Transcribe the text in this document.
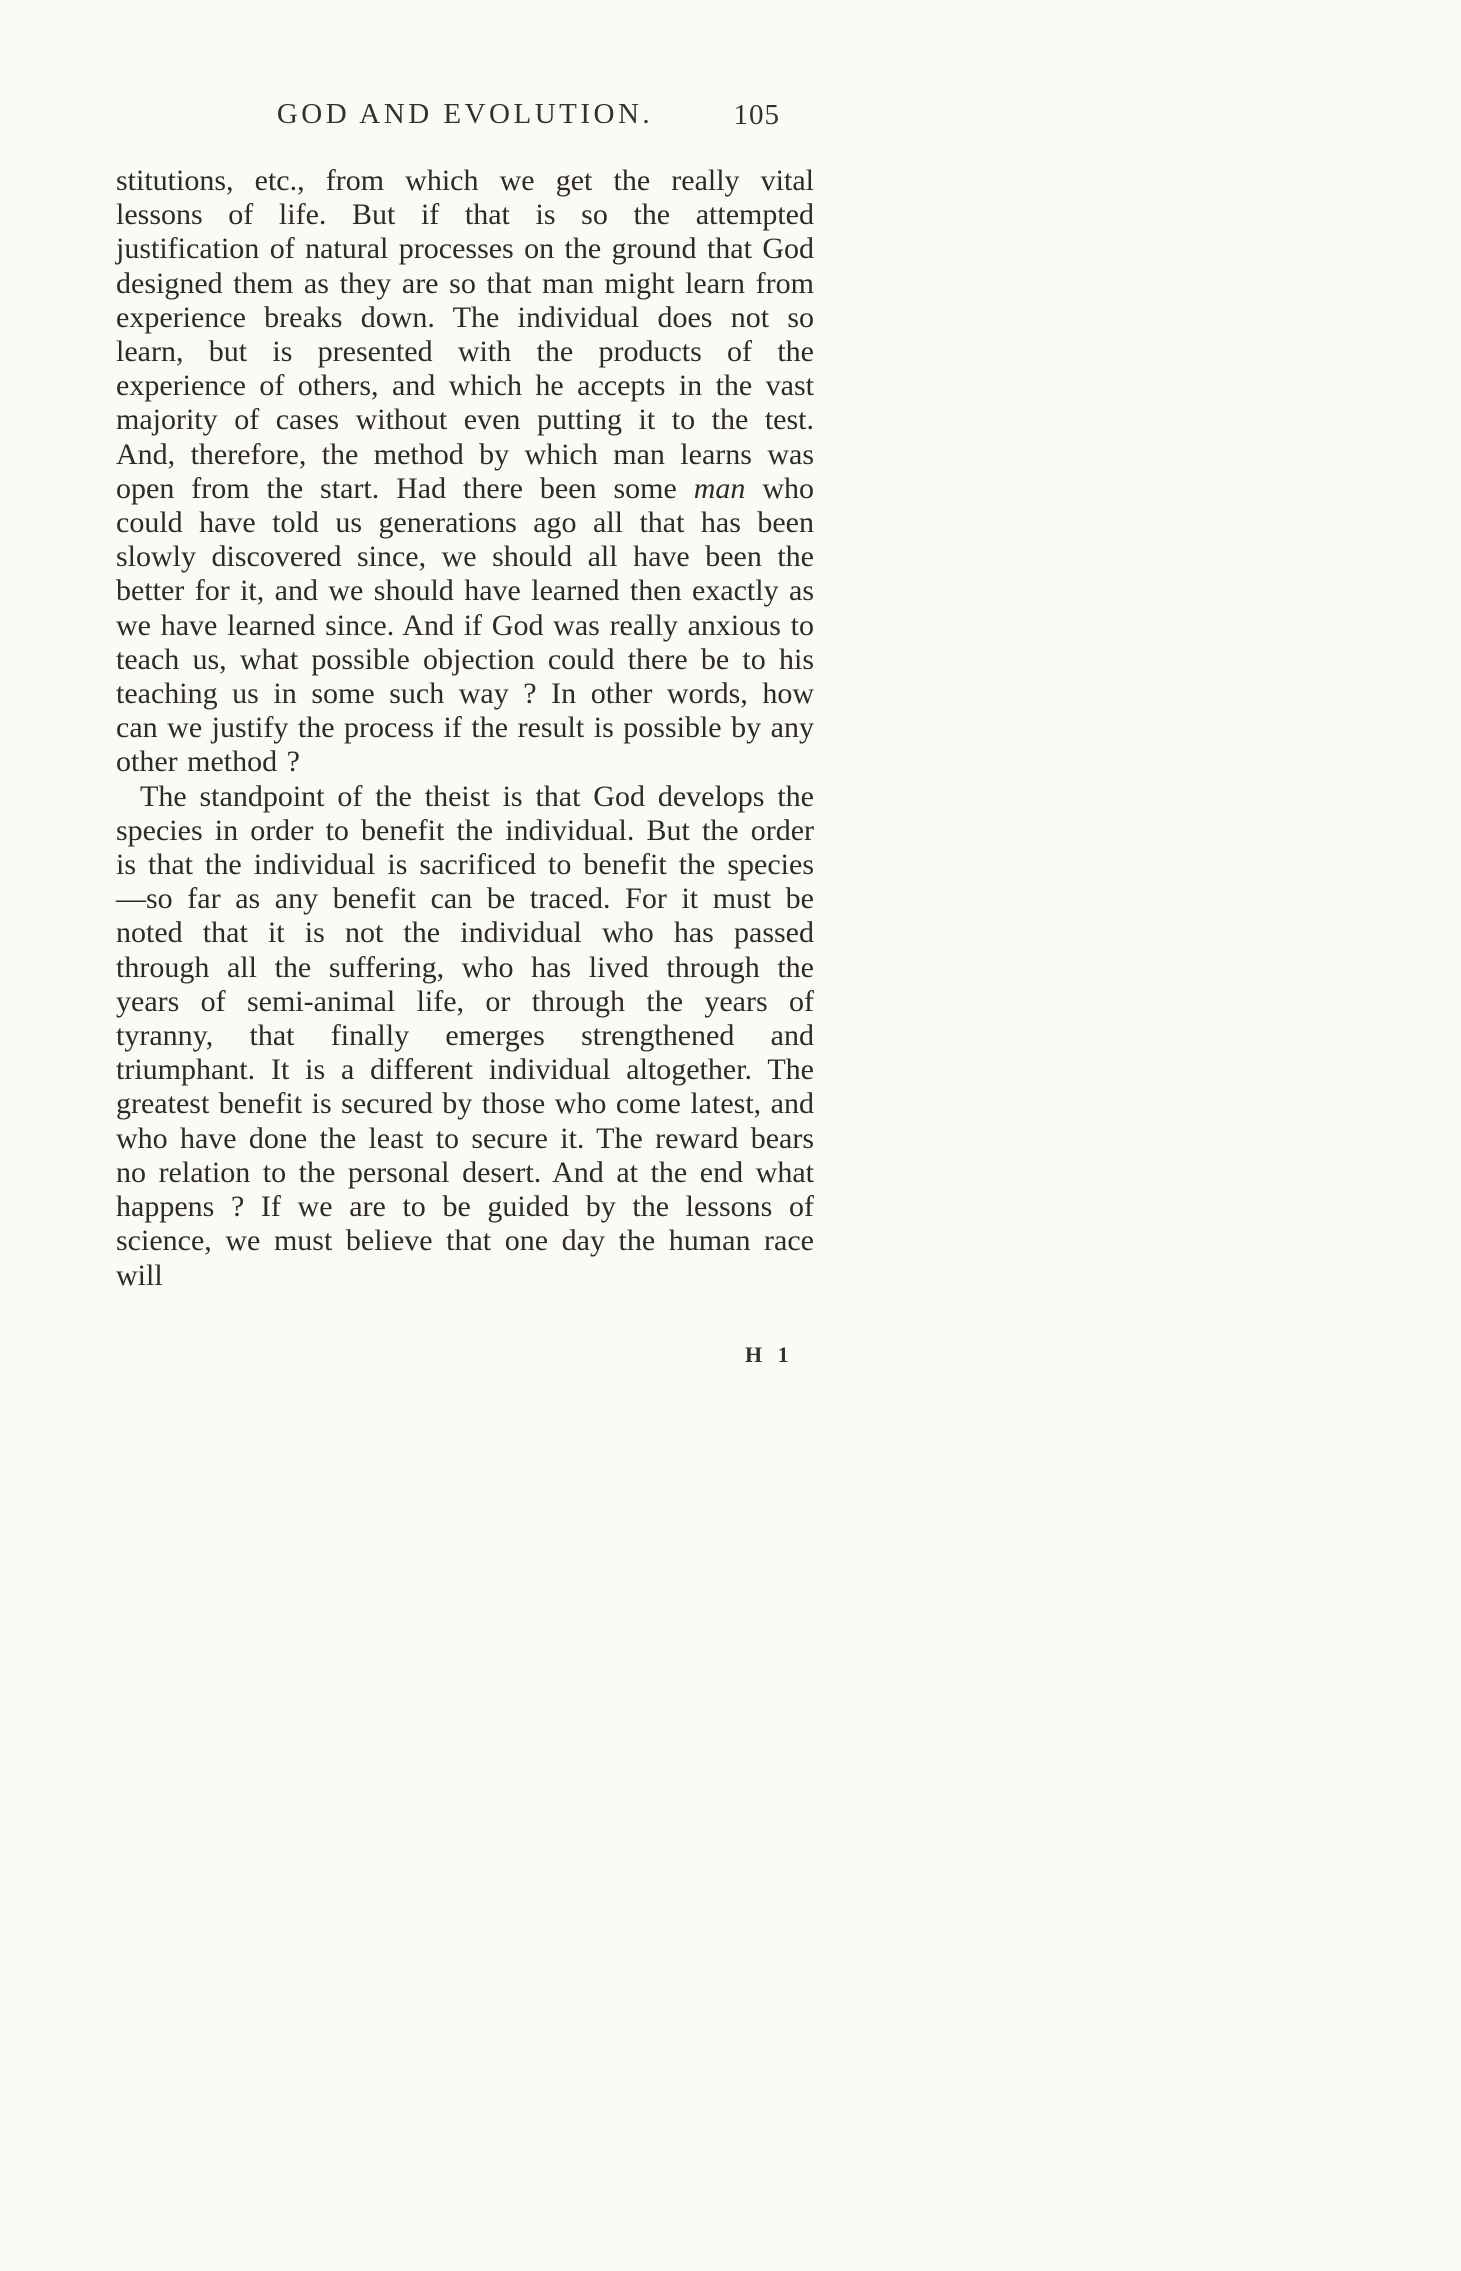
GOD AND EVOLUTION.	105

stitutions, etc., from which we get the really vital lessons of life. But if that is so the attempted justification of natural processes on the ground that God designed them as they are so that man might learn from experience breaks down. The individual does not so learn, but is presented with the products of the experience of others, and which he accepts in the vast majority of cases without even putting it to the test. And, therefore, the method by which man learns was open from the start. Had there been some man who could have told us generations ago all that has been slowly discovered since, we should all have been the better for it, and we should have learned then exactly as we have learned since. And if God was really anxious to teach us, what possible objection could there be to his teaching us in some such way ? In other words, how can we justify the process if the result is possible by any other method ?

The standpoint of the theist is that God develops the species in order to benefit the individual. But the order is that the individual is sacrificed to benefit the species—so far as any benefit can be traced. For it must be noted that it is not the individual who has passed through all the suffering, who has lived through the years of semi-animal life, or through the years of tyranny, that finally emerges strengthened and triumphant. It is a different individual altogether. The greatest benefit is secured by those who come latest, and who have done the least to secure it. The reward bears no relation to the personal desert. And at the end what happens ? If we are to be guided by the lessons of science, we must believe that one day the human race will

H 1
